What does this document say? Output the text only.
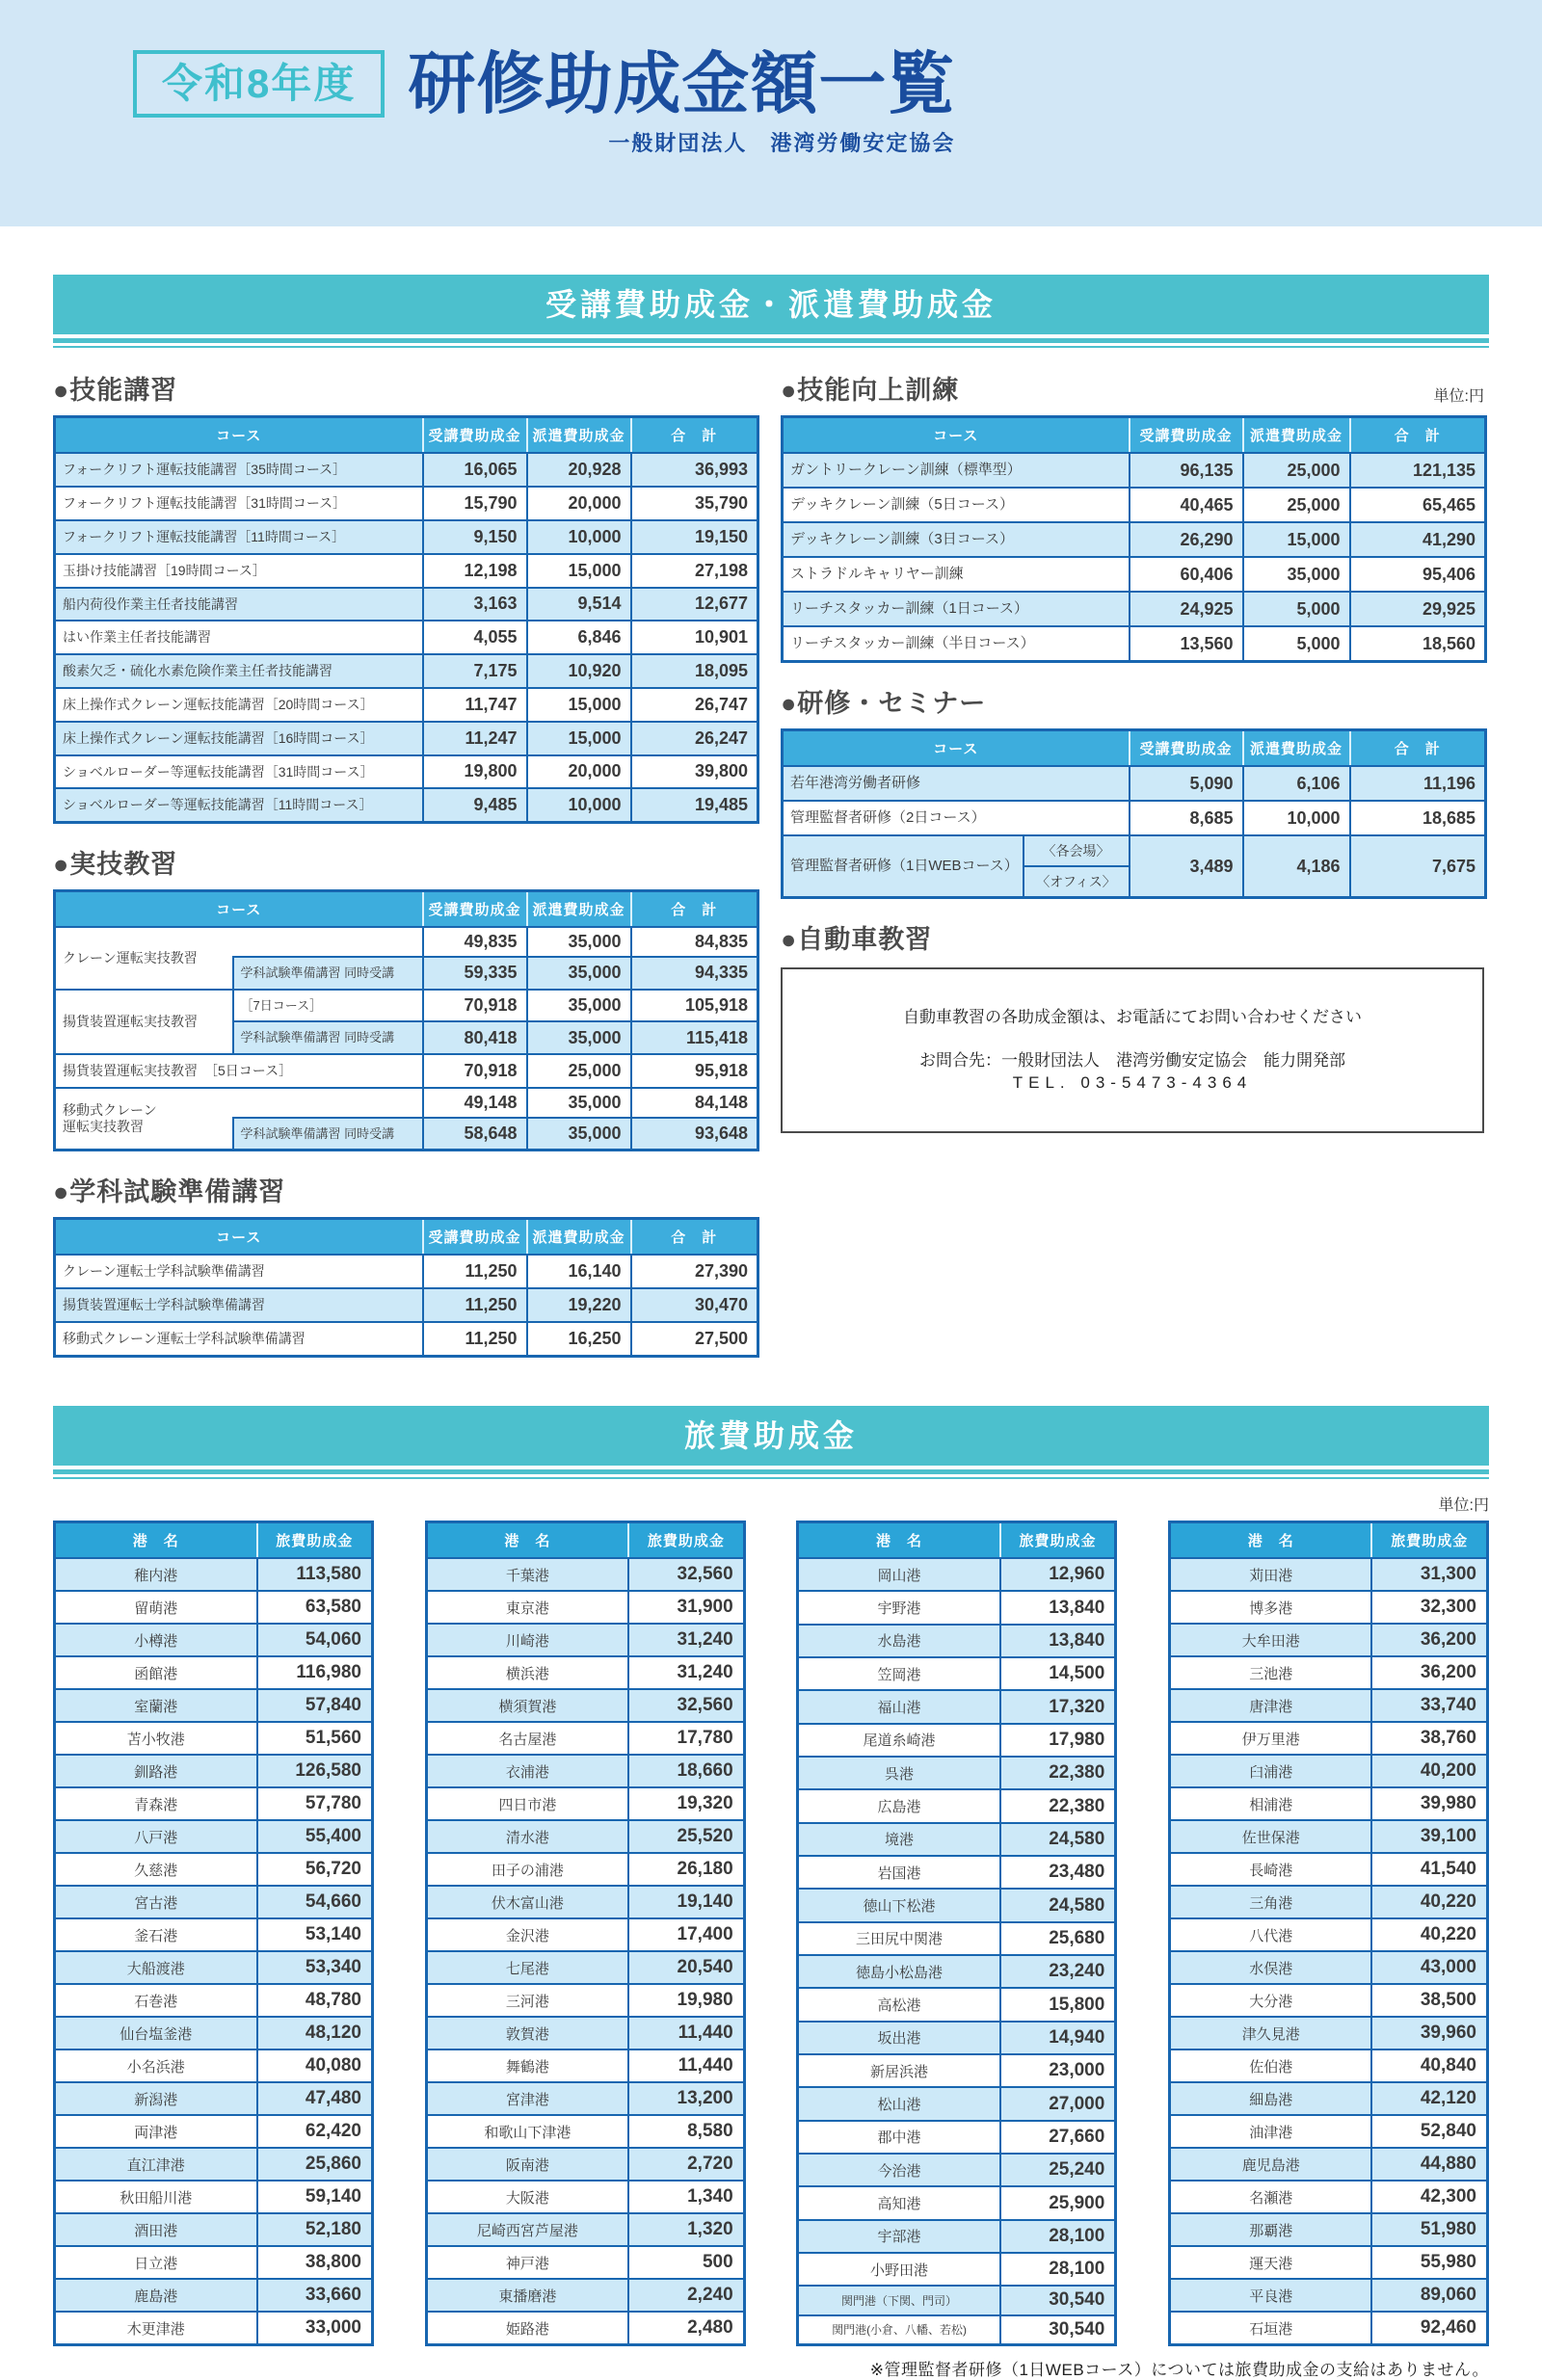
令和8年度 研修助成金額一覧
一般財団法人　港湾労働安定協会
受講費助成金・派遣費助成金
●技能講習
コース	受講費助成金	派遣費助成金	合　計
フォークリフト運転技能講習［35時間コース］	16,065	20,928	36,993
フォークリフト運転技能講習［31時間コース］	15,790	20,000	35,790
フォークリフト運転技能講習［11時間コース］	9,150	10,000	19,150
玉掛け技能講習［19時間コース］	12,198	15,000	27,198
船内荷役作業主任者技能講習	3,163	9,514	12,677
はい作業主任者技能講習	4,055	6,846	10,901
酸素欠乏・硫化水素危険作業主任者技能講習	7,175	10,920	18,095
床上操作式クレーン運転技能講習［20時間コース］	11,747	15,000	26,747
床上操作式クレーン運転技能講習［16時間コース］	11,247	15,000	26,247
ショベルローダー等運転技能講習［31時間コース］	19,800	20,000	39,800
ショベルローダー等運転技能講習［11時間コース］	9,485	10,000	19,485
●実技教習
コース		受講費助成金	派遣費助成金	合　計
クレーン運転実技教習		49,835	35,000	84,835
	学科試験準備講習 同時受講	59,335	35,000	94,335
揚貨装置運転実技教習	［7日コース］	70,918	35,000	105,918
	学科試験準備講習 同時受講	80,418	35,000	115,418
揚貨装置運転実技教習　［5日コース］		70,918	25,000	95,918
移動式クレーン
運転実技教習		49,148	35,000	84,148
	学科試験準備講習 同時受講	58,648	35,000	93,648
●学科試験準備講習
コース	受講費助成金	派遣費助成金	合　計
クレーン運転士学科試験準備講習	11,250	16,140	27,390
揚貨装置運転士学科試験準備講習	11,250	19,220	30,470
移動式クレーン運転士学科試験準備講習	11,250	16,250	27,500
●技能向上訓練	単位:円
コース	受講費助成金	派遣費助成金	合　計
ガントリークレーン訓練（標準型）	96,135	25,000	121,135
デッキクレーン訓練（5日コース）	40,465	25,000	65,465
デッキクレーン訓練（3日コース）	26,290	15,000	41,290
ストラドルキャリヤー訓練	60,406	35,000	95,406
リーチスタッカー訓練（1日コース）	24,925	5,000	29,925
リーチスタッカー訓練（半日コース）	13,560	5,000	18,560
●研修・セミナー
コース		受講費助成金	派遣費助成金	合　計
若年港湾労働者研修		5,090	6,106	11,196
管理監督者研修（2日コース）		8,685	10,000	18,685
管理監督者研修（1日WEBコース）	〈各会場〉	3,489	4,186	7,675
	〈オフィス〉			
●自動車教習

自動車教習の各助成金額は、お電話にてお問い合わせください

お問合先：一般財団法人　港湾労働安定協会　能力開発部

TEL. 03-5473-4364

旅費助成金
単位:円
港　名	旅費助成金
稚内港	113,580
留萌港	63,580
小樽港	54,060
函館港	116,980
室蘭港	57,840
苫小牧港	51,560
釧路港	126,580
青森港	57,780
八戸港	55,400
久慈港	56,720
宮古港	54,660
釜石港	53,140
大船渡港	53,340
石巻港	48,780
仙台塩釜港	48,120
小名浜港	40,080
新潟港	47,480
両津港	62,420
直江津港	25,860
秋田船川港	59,140
酒田港	52,180
日立港	38,800
鹿島港	33,660
木更津港	33,000
港　名	旅費助成金
千葉港	32,560
東京港	31,900
川崎港	31,240
横浜港	31,240
横須賀港	32,560
名古屋港	17,780
衣浦港	18,660
四日市港	19,320
清水港	25,520
田子の浦港	26,180
伏木富山港	19,140
金沢港	17,400
七尾港	20,540
三河港	19,980
敦賀港	11,440
舞鶴港	11,440
宮津港	13,200
和歌山下津港	8,580
阪南港	2,720
大阪港	1,340
尼崎西宮芦屋港	1,320
神戸港	500
東播磨港	2,240
姫路港	2,480
港　名	旅費助成金
岡山港	12,960
宇野港	13,840
水島港	13,840
笠岡港	14,500
福山港	17,320
尾道糸崎港	17,980
呉港	22,380
広島港	22,380
境港	24,580
岩国港	23,480
徳山下松港	24,580
三田尻中関港	25,680
徳島小松島港	23,240
高松港	15,800
坂出港	14,940
新居浜港	23,000
松山港	27,000
郡中港	27,660
今治港	25,240
高知港	25,900
宇部港	28,100
小野田港	28,100
関門港（下関、門司）	30,540
関門港(小倉、八幡、若松)	30,540
港　名	旅費助成金
苅田港	31,300
博多港	32,300
大牟田港	36,200
三池港	36,200
唐津港	33,740
伊万里港	38,760
臼浦港	40,200
相浦港	39,980
佐世保港	39,100
長崎港	41,540
三角港	40,220
八代港	40,220
水俣港	43,000
大分港	38,500
津久見港	39,960
佐伯港	40,840
細島港	42,120
油津港	52,840
鹿児島港	44,880
名瀬港	42,300
那覇港	51,980
運天港	55,980
平良港	89,060
石垣港	92,460
※管理監督者研修（1日WEBコース）については旅費助成金の支給はありません。
